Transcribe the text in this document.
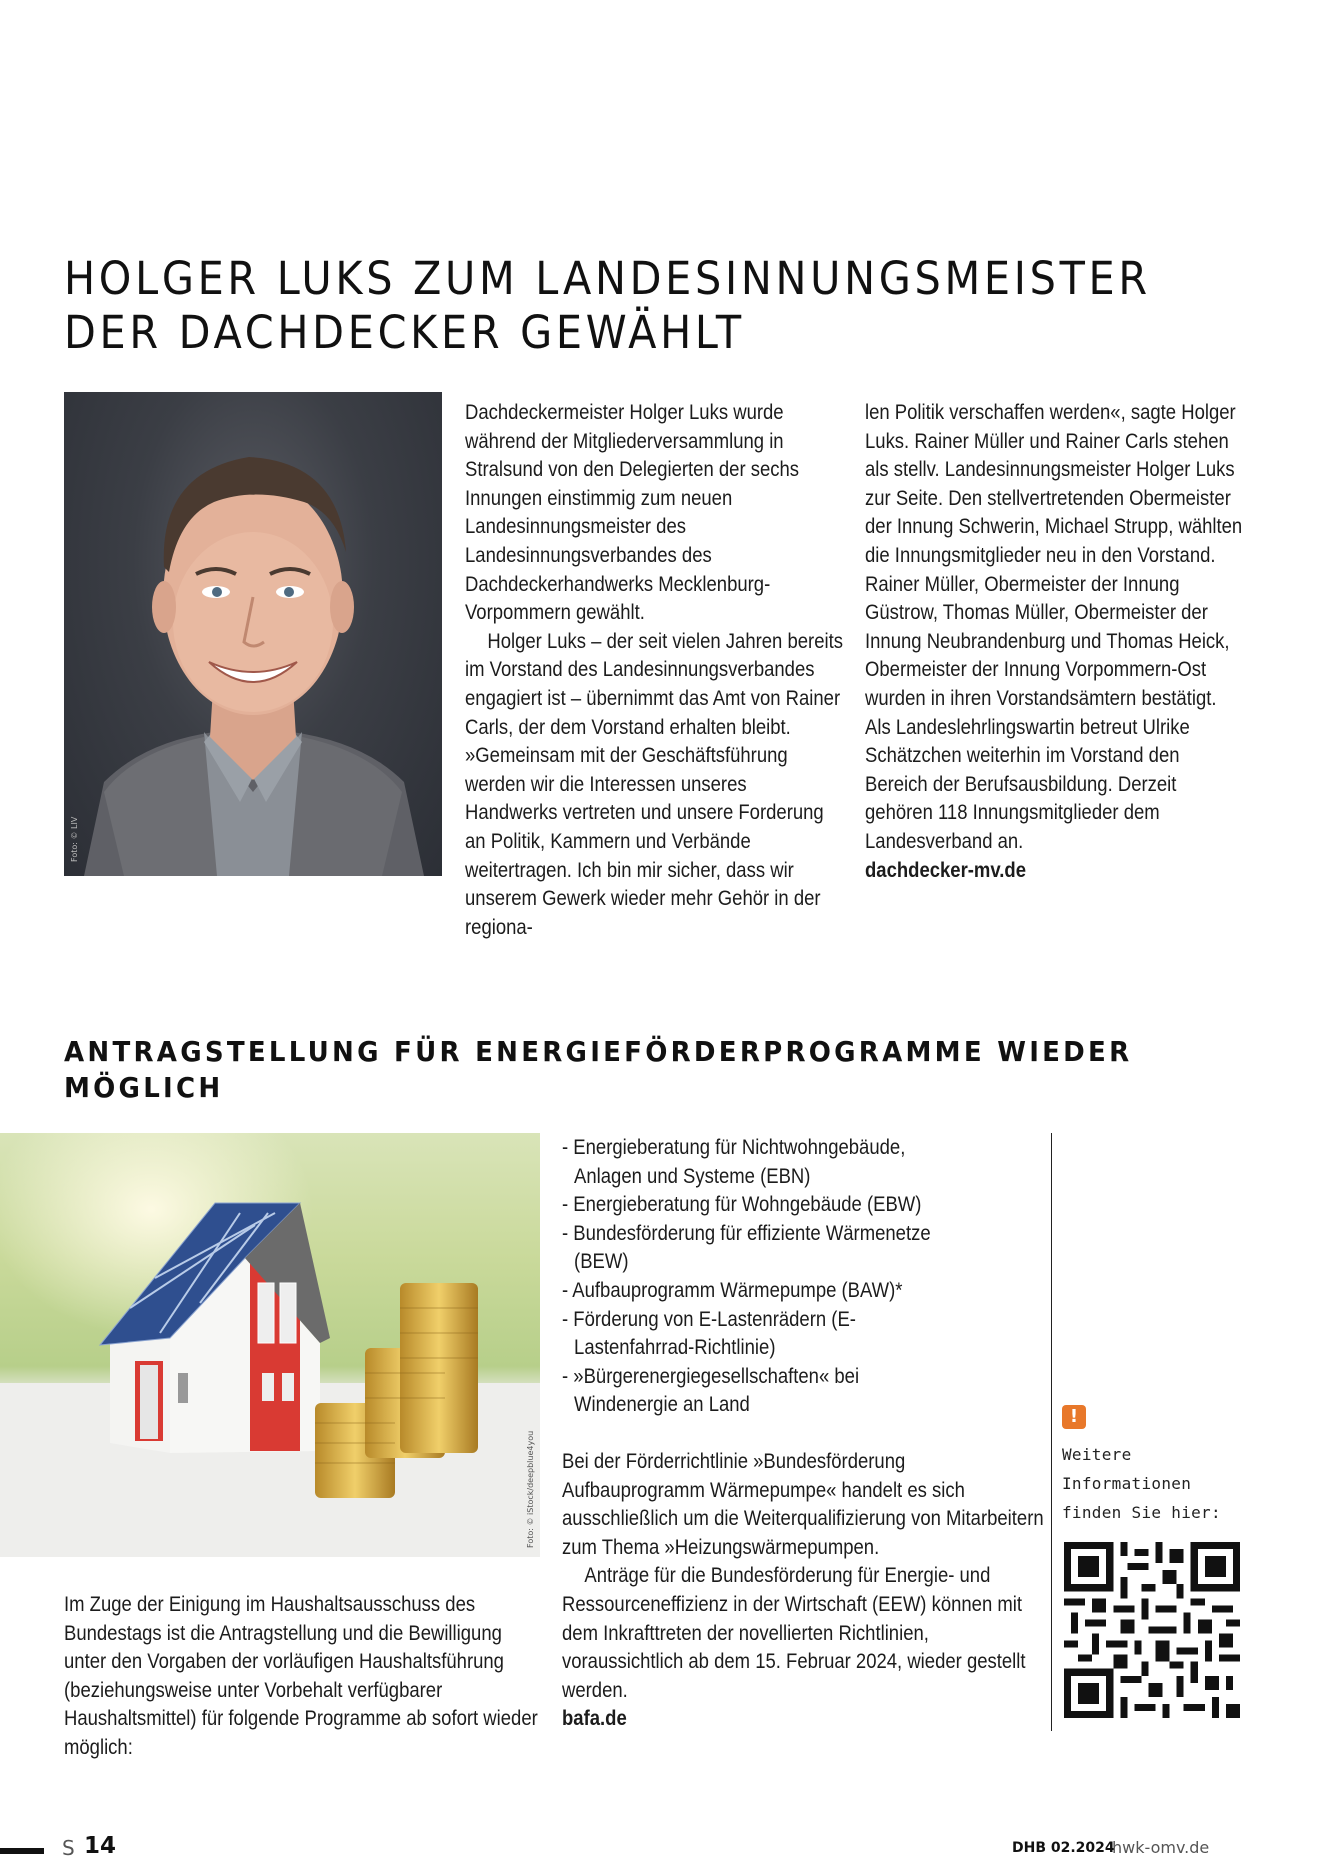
HOLGER LUKS ZUM LANDESINNUNGSMEISTER
DER DACHDECKER GEWÄHLT
Foto: © LIV

Dachdeckermeister Holger Luks wurde während der Mitgliederversammlung in Stralsund von den Delegierten der sechs Innungen einstimmig zum neuen Landesinnungsmeister des Landesinnungsverbandes des Dachdeckerhandwerks Mecklenburg-Vorpommern gewählt.

Holger Luks – der seit vielen Jahren bereits im Vorstand des Landesinnungsverbandes engagiert ist – übernimmt das Amt von Rainer Carls, der dem Vorstand erhalten bleibt. »Gemeinsam mit der Geschäftsführung werden wir die Interessen unseres Handwerks vertreten und unsere Forderung an Politik, Kammern und Verbände weitertragen. Ich bin mir sicher, dass wir unserem Gewerk wieder mehr Gehör in der regiona-

len Politik verschaffen werden«, sagte Holger Luks. Rainer Müller und Rainer Carls stehen als stellv. Landesinnungsmeister Holger Luks zur Seite. Den stellvertretenden Obermeister der Innung Schwerin, Michael Strupp, wählten die Innungsmitglieder neu in den Vorstand. Rainer Müller, Obermeister der Innung Güstrow, Thomas Müller, Obermeister der Innung Neubrandenburg und Thomas Heick, Obermeister der Innung Vorpommern-Ost wurden in ihren Vorstandsämtern bestätigt. Als Landeslehrlingswartin betreut Ulrike Schätzchen weiterhin im Vorstand den Bereich der Berufsausbildung. Derzeit gehören 118 Innungsmitglieder dem Landesverband an.

dachdecker-mv.de

ANTRAGSTELLUNG FÜR ENERGIEFÖRDERPROGRAMME WIEDER
MÖGLICH
Foto: © iStock/deepblue4you

Im Zuge der Einigung im Haushaltsausschuss des Bundestags ist die Antragstellung und die Bewilligung unter den Vorgaben der vorläufigen Haushaltsführung (beziehungsweise unter Vorbehalt verfügbarer Haushaltsmittel) für folgende Programme ab sofort wieder möglich:

- Energieberatung für Nichtwohngebäude, Anlagen und Systeme (EBN)
- Energieberatung für Wohngebäude (EBW)
- Bundesförderung für effiziente Wärmenetze (BEW)
- Aufbauprogramm Wärmepumpe (BAW)*
- Förderung von E-Lastenrädern (E-Lastenfahrrad-Richtlinie)
- »Bürgerenergiegesellschaften« bei Windenergie an Land

Bei der Förderrichtlinie »Bundesförderung Aufbauprogramm Wärmepumpe« handelt es sich ausschließlich um die Weiterqualifizierung von Mitarbeitern zum Thema »Heizungswärmepumpen.

Anträge für die Bundesförderung für Energie- und Ressourceneffizienz in der Wirtschaft (EEW) können mit dem Inkrafttreten der novellierten Richtlinien, voraussichtlich ab dem 15. Februar 2024, wieder gestellt werden.

bafa.de

!
Weitere Informationen finden Sie hier:
S 14	DHB 02.2024
hwk-omv.de
